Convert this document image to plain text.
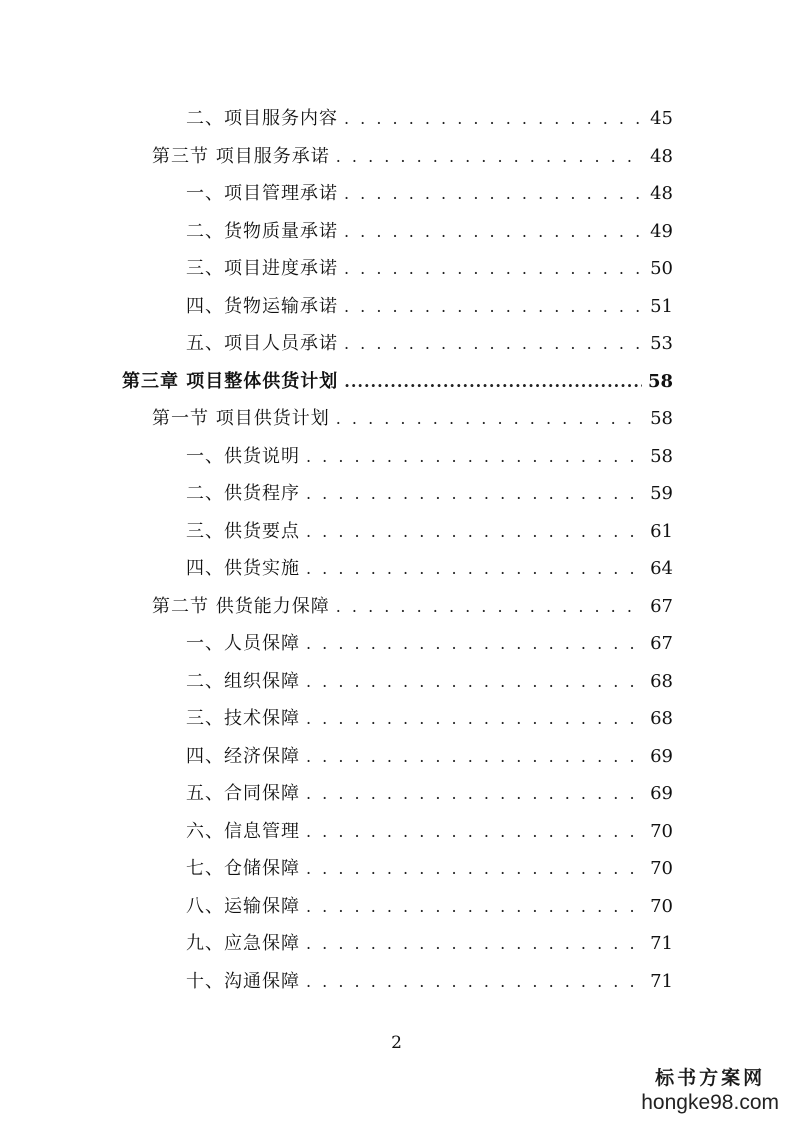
二、项目服务内容 . . .	45
第三节 项目服务承诺 . . .	48
一、项目管理承诺 . . .	48
二、货物质量承诺 . . .	49
三、项目进度承诺 . . .	50
四、货物运输承诺 . . .	51
五、项目人员承诺 . . .	53
第三章 项目整体供货计划 .....	58
第一节 项目供货计划 . . .	58
一、供货说明 . . .	58
二、供货程序 . . .	59
三、供货要点 . . .	61
四、供货实施 . . .	64
第二节 供货能力保障 . . .	67
一、人员保障 . . .	67
二、组织保障 . . .	68
三、技术保障 . . .	68
四、经济保障 . . .	69
五、合同保障 . . .	69
六、信息管理 . . .	70
七、仓储保障 . . .	70
八、运输保障 . . .	70
九、应急保障 . . .	71
十、沟通保障 . . .	71
2
标书方案网
hongke98.com
